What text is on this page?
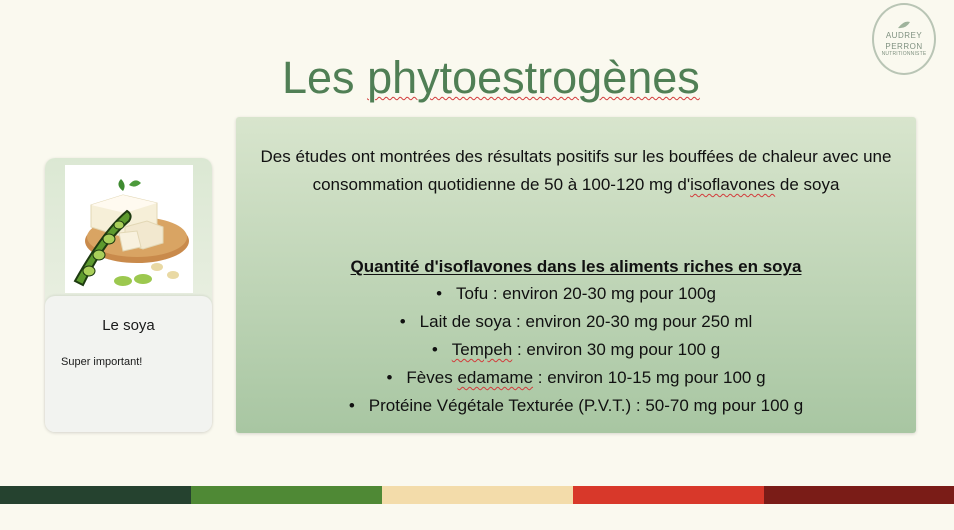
AUDREY
PERRON
NUTRITIONNISTE
Les phytoestrogènes
Le soya
Super important!
Des études ont montrées des résultats positifs sur les bouffées de chaleur avec une consommation quotidienne de 50 à 100-120 mg d'isoflavones de soya
Quantité d'isoflavones dans les aliments riches en soya
• Tofu : environ 20-30 mg pour 100g
• Lait de soya : environ 20-30 mg pour 250 ml
• Tempeh : environ 30 mg pour 100 g
• Fèves edamame : environ 10-15 mg pour 100 g
• Protéine Végétale Texturée (P.V.T.) : 50-70 mg pour 100 g
